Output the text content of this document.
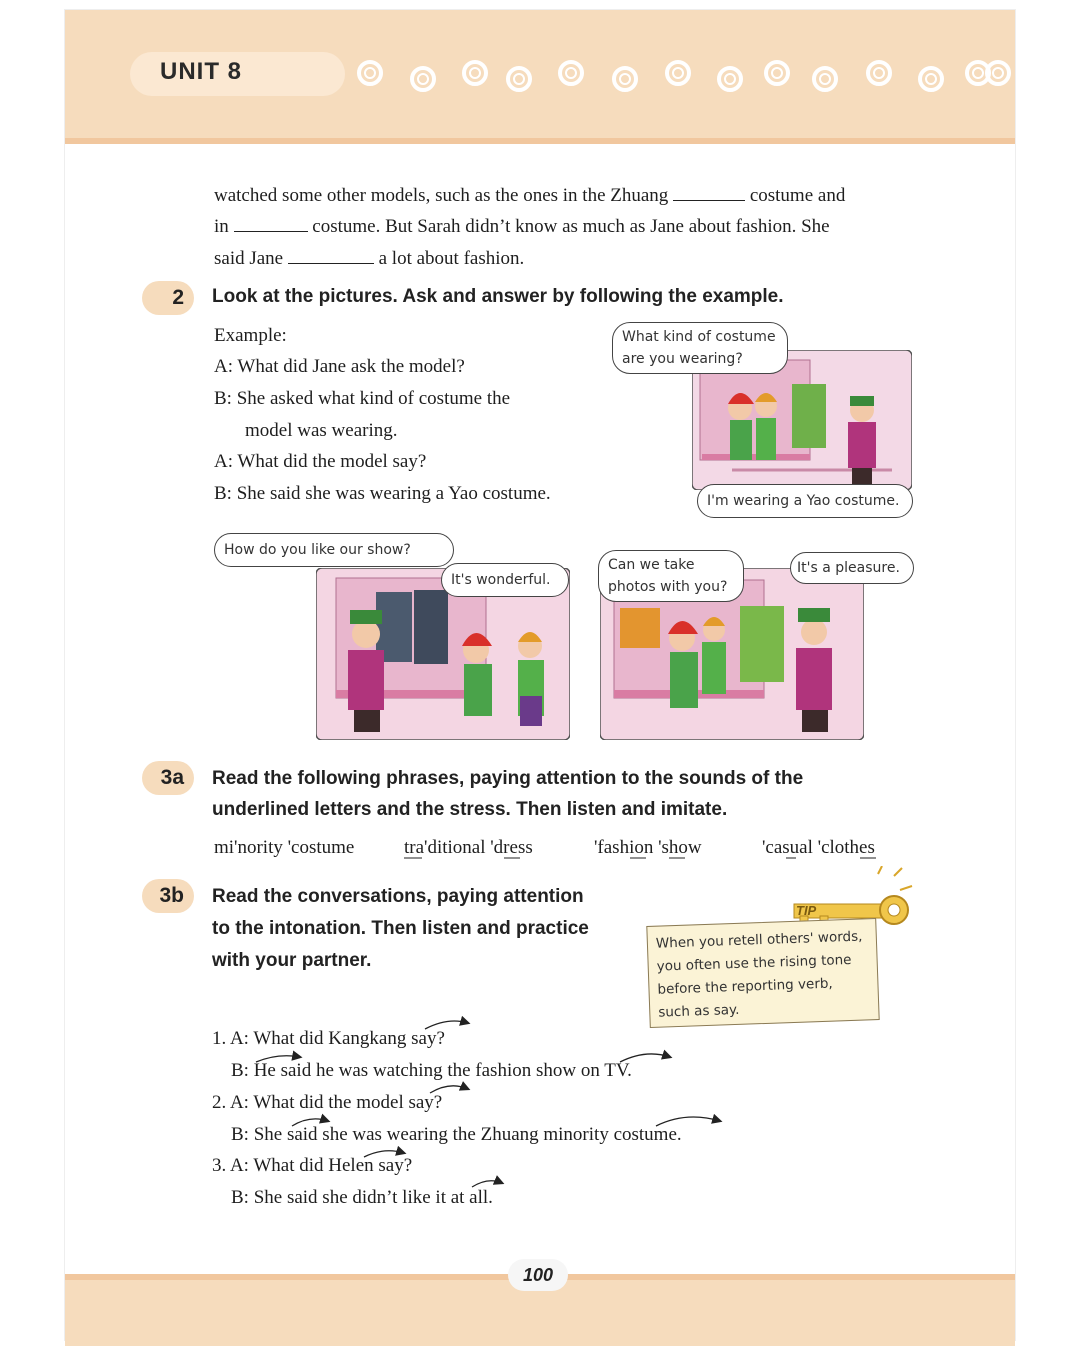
UNIT 8
watched some other models, such as the ones in the Zhuang	costume and
in	costume. But Sarah didn’t know as much as Jane about fashion. She
said Jane	a lot about fashion.
2	Look at the pictures. Ask and answer by following the example.
Example:
A: What did Jane ask the model?
B: She asked what kind of costume the
model was wearing.
A: What did the model say?
B: She said she was wearing a Yao costume.
What kind of costume
are you wearing?
I'm wearing a Yao costume.
How do you like our show?
It's wonderful.
Can we take
photos with you?
It's a pleasure.
3a	Read the following phrases, paying attention to the sounds of the
underlined letters and the stress. Then listen and imitate.
mi'nority 'costume	tra'ditional 'dress	'fashion 'show	'casual 'clothes
3b	Read the conversations, paying attention
to the intonation. Then listen and practice
with your partner.
TIP
When you retell others' words,
you often use the rising tone
before the reporting verb,
such as say.
1. A: What did Kangkang say?
B: He said he was watching the fashion show on TV.
2. A: What did the model say?
B: She said she was wearing the Zhuang minority costume.
3. A: What did Helen say?
B: She said she didn’t like it at all.
100
